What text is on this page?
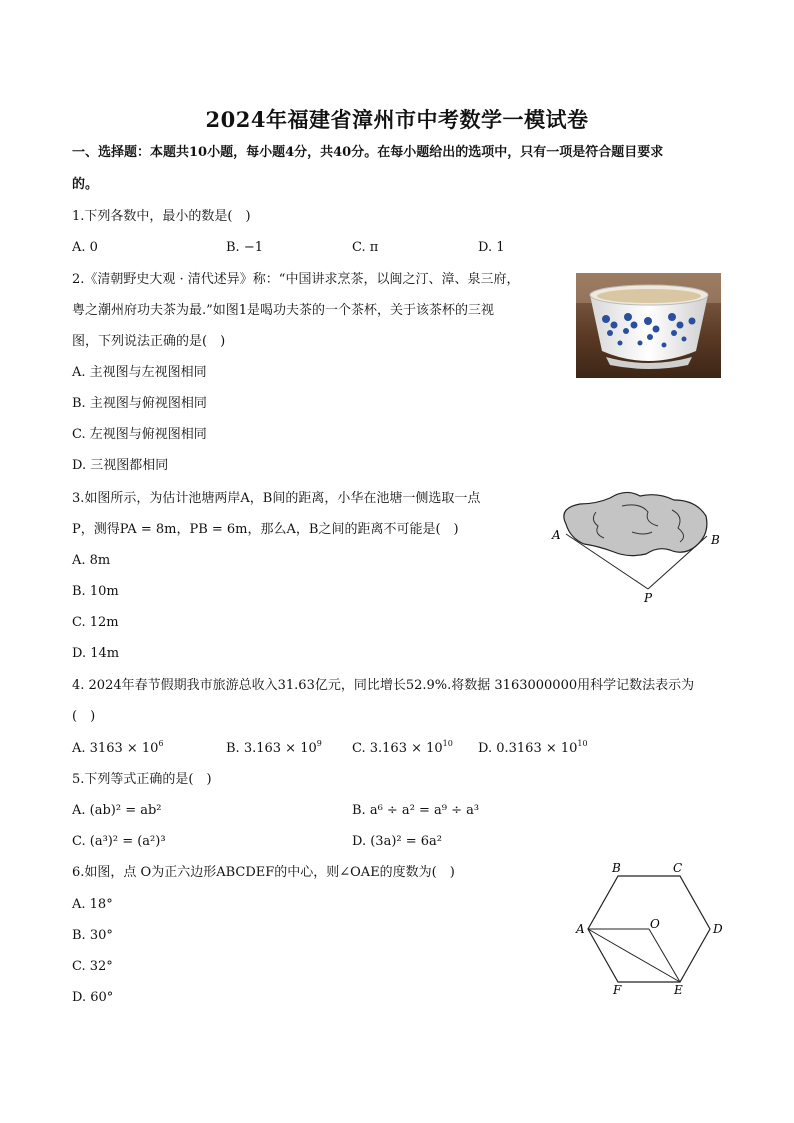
2024年福建省漳州市中考数学一模试卷
一、选择题：本题共10小题，每小题4分，共40分。在每小题给出的选项中，只有一项是符合题目要求
的。
1.下列各数中，最小的数是(　)
A. 0	B. −1	C. π	D. 1
2.《清朝野史大观 · 清代述异》称：“中国讲求烹茶，以闽之汀、漳、泉三府，
粤之潮州府功夫茶为最.”如图1是喝功夫茶的一个茶杯，关于该茶杯的三视
图，下列说法正确的是(　)
A. 主视图与左视图相同
B. 主视图与俯视图相同
C. 左视图与俯视图相同
D. 三视图都相同
3.如图所示，为估计池塘两岸A，B间的距离，小华在池塘一侧选取一点
P，测得PA = 8m，PB = 6m，那么A，B之间的距离不可能是(　)
A. 8m
B. 10m
C. 12m
D. 14m
A	B
P
4. 2024年春节假期我市旅游总收入31.63亿元，同比增长52.9%.将数据 3163000000用科学记数法表示为
(　)
A. $3163 \times 10^6$	B. $3.163 \times 10^9$ C. $3.163 \times 10^{10}$ D. $0.3163 \times 10^{10}$
5.下列等式正确的是(　)
A. (ab)² = ab²	B. a⁶ ÷ a² = a⁹ ÷ a³
C. (a³)² = (a²)³	D. (3a)² = 6a²
6.如图，点 O为正六边形ABCDEF的中心，则∠OAE的度数为(　)
A. 18°
B. 30°
C. 32°
D. 60°
B	C
D
E
F
A	O
